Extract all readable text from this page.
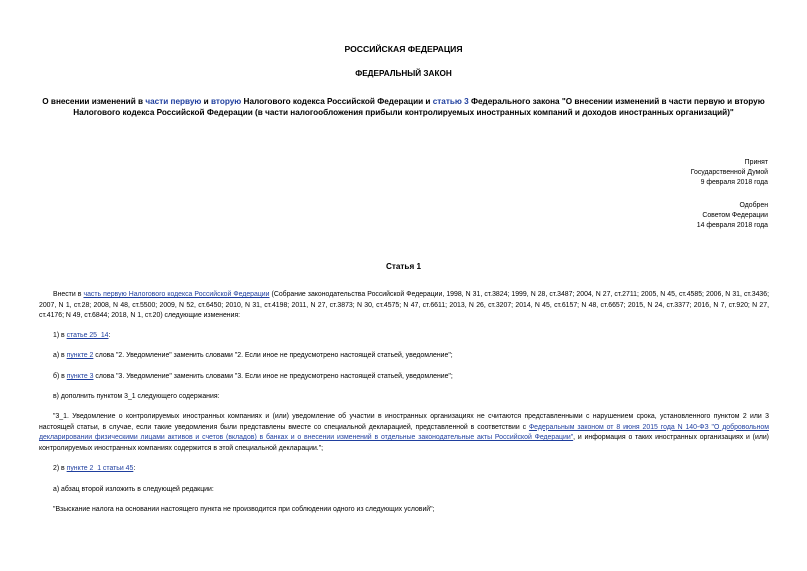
РОССИЙСКАЯ ФЕДЕРАЦИЯ
ФЕДЕРАЛЬНЫЙ ЗАКОН
О внесении изменений в части первую и вторую Налогового кодекса Российской Федерации и статью 3 Федерального закона "О внесении изменений в части первую и вторую Налогового кодекса Российской Федерации (в части налогообложения прибыли контролируемых иностранных компаний и доходов иностранных организаций)"
Принят
Государственной Думой
9 февраля 2018 года
Одобрен
Советом Федерации
14 февраля 2018 года
Статья 1
Внести в часть первую Налогового кодекса Российской Федерации (Собрание законодательства Российской Федерации, 1998, N 31, ст.3824; 1999, N 28, ст.3487; 2004, N 27, ст.2711; 2005, N 45, ст.4585; 2006, N 31, ст.3436; 2007, N 1, ст.28; 2008, N 48, ст.5500; 2009, N 52, ст.6450; 2010, N 31, ст.4198; 2011, N 27, ст.3873; N 30, ст.4575; N 47, ст.6611; 2013, N 26, ст.3207; 2014, N 45, ст.6157; N 48, ст.6657; 2015, N 24, ст.3377; 2016, N 7, ст.920; N 27, ст.4176; N 49, ст.6844; 2018, N 1, ст.20) следующие изменения:
1) в статье 25_14:
а) в пункте 2 слова "2. Уведомление" заменить словами "2. Если иное не предусмотрено настоящей статьей, уведомление";
б) в пункте 3 слова "3. Уведомление" заменить словами "3. Если иное не предусмотрено настоящей статьей, уведомление";
в) дополнить пунктом 3_1 следующего содержания:
"3_1. Уведомление о контролируемых иностранных компаниях и (или) уведомление об участии в иностранных организациях не считаются представленными с нарушением срока, установленного пунктом 2 или 3 настоящей статьи, в случае, если такие уведомления были представлены вместе со специальной декларацией, представленной в соответствии с Федеральным законом от 8 июня 2015 года N 140-ФЗ "О добровольном декларировании физическими лицами активов и счетов (вкладов) в банках и о внесении изменений в отдельные законодательные акты Российской Федерации", и информация о таких иностранных организациях и (или) контролируемых иностранных компаниях содержится в этой специальной декларации.";
2) в пункте 2_1 статьи 45:
а) абзац второй изложить в следующей редакции:
"Взыскание налога на основании настоящего пункта не производится при соблюдении одного из следующих условий";
